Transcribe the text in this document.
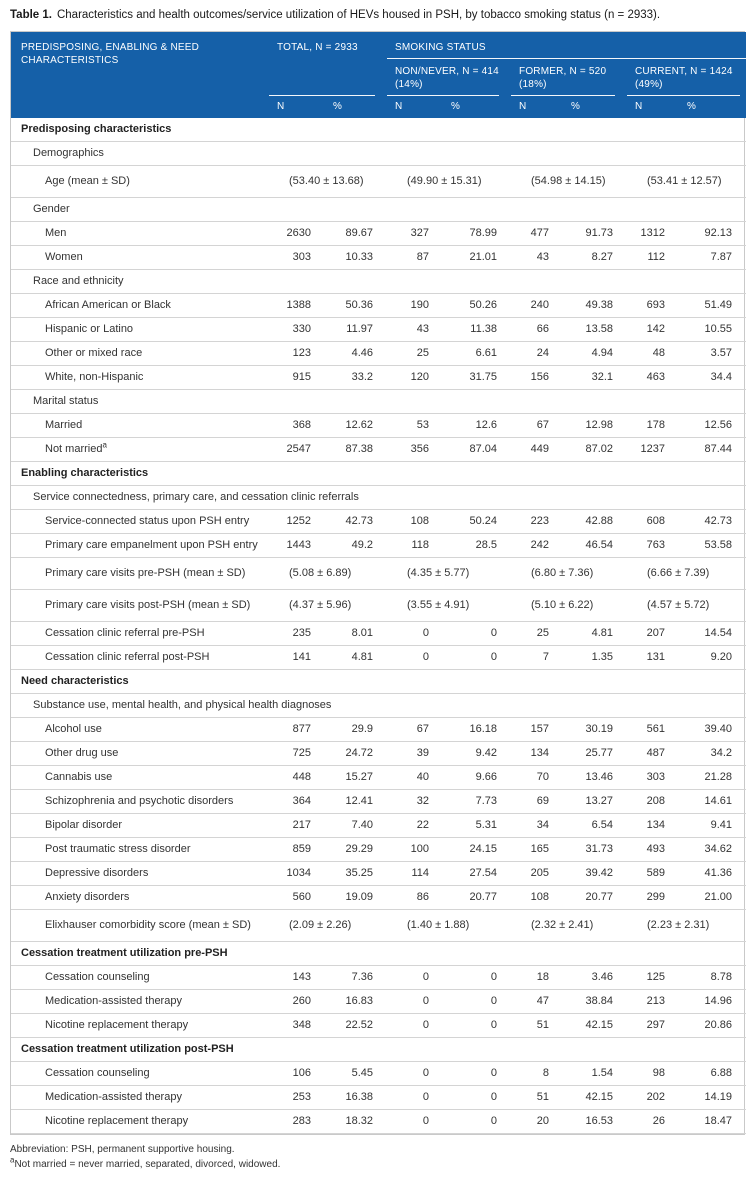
Table 1. Characteristics and health outcomes/service utilization of HEVs housed in PSH, by tobacco smoking status (n = 2933).

PREDISPOSING, ENABLING & NEED CHARACTERISTICS	TOTAL, N = 2933		SMOKING STATUS					
			NON/NEVER, N = 414 (14%)		FORMER, N = 520 (18%)		CURRENT, N = 1424 (49%)	
	N	%	N	%	N	%	N	%
Predisposing characteristics								
Demographics								
Age (mean ± SD)	(53.40 ± 13.68)		(49.90 ± 15.31)		(54.98 ± 14.15)		(53.41 ± 12.57)	
Gender								
Men	2630	89.67	327	78.99	477	91.73	1312	92.13
Women	303	10.33	87	21.01	43	8.27	112	7.87
Race and ethnicity								
African American or Black	1388	50.36	190	50.26	240	49.38	693	51.49
Hispanic or Latino	330	11.97	43	11.38	66	13.58	142	10.55
Other or mixed race	123	4.46	25	6.61	24	4.94	48	3.57
White, non-Hispanic	915	33.2	120	31.75	156	32.1	463	34.4
Marital status								
Married	368	12.62	53	12.6	67	12.98	178	12.56
Not married$^a$	2547	87.38	356	87.04	449	87.02	1237	87.44
Enabling characteristics								
Service connectedness, primary care, and cessation clinic referrals								
Service-connected status upon PSH entry	1252	42.73	108	50.24	223	42.88	608	42.73
Primary care empanelment upon PSH entry	1443	49.2	118	28.5	242	46.54	763	53.58
Primary care visits pre-PSH (mean ± SD)	(5.08 ± 6.89)		(4.35 ± 5.77)		(6.80 ± 7.36)		(6.66 ± 7.39)	
Primary care visits post-PSH (mean ± SD)	(4.37 ± 5.96)		(3.55 ± 4.91)		(5.10 ± 6.22)		(4.57 ± 5.72)	
Cessation clinic referral pre-PSH	235	8.01	0	0	25	4.81	207	14.54
Cessation clinic referral post-PSH	141	4.81	0	0	7	1.35	131	9.20
Need characteristics								
Substance use, mental health, and physical health diagnoses								
Alcohol use	877	29.9	67	16.18	157	30.19	561	39.40
Other drug use	725	24.72	39	9.42	134	25.77	487	34.2
Cannabis use	448	15.27	40	9.66	70	13.46	303	21.28
Schizophrenia and psychotic disorders	364	12.41	32	7.73	69	13.27	208	14.61
Bipolar disorder	217	7.40	22	5.31	34	6.54	134	9.41
Post traumatic stress disorder	859	29.29	100	24.15	165	31.73	493	34.62
Depressive disorders	1034	35.25	114	27.54	205	39.42	589	41.36
Anxiety disorders	560	19.09	86	20.77	108	20.77	299	21.00
Elixhauser comorbidity score (mean ± SD)	(2.09 ± 2.26)		(1.40 ± 1.88)		(2.32 ± 2.41)		(2.23 ± 2.31)	
Cessation treatment utilization pre-PSH								
Cessation counseling	143	7.36	0	0	18	3.46	125	8.78
Medication-assisted therapy	260	16.83	0	0	47	38.84	213	14.96
Nicotine replacement therapy	348	22.52	0	0	51	42.15	297	20.86
Cessation treatment utilization post-PSH								
Cessation counseling	106	5.45	0	0	8	1.54	98	6.88
Medication-assisted therapy	253	16.38	0	0	51	42.15	202	14.19
Nicotine replacement therapy	283	18.32	0	0	20	16.53	26	18.47
Abbreviation: PSH, permanent supportive housing.
$^a$Not married = never married, separated, divorced, widowed.
